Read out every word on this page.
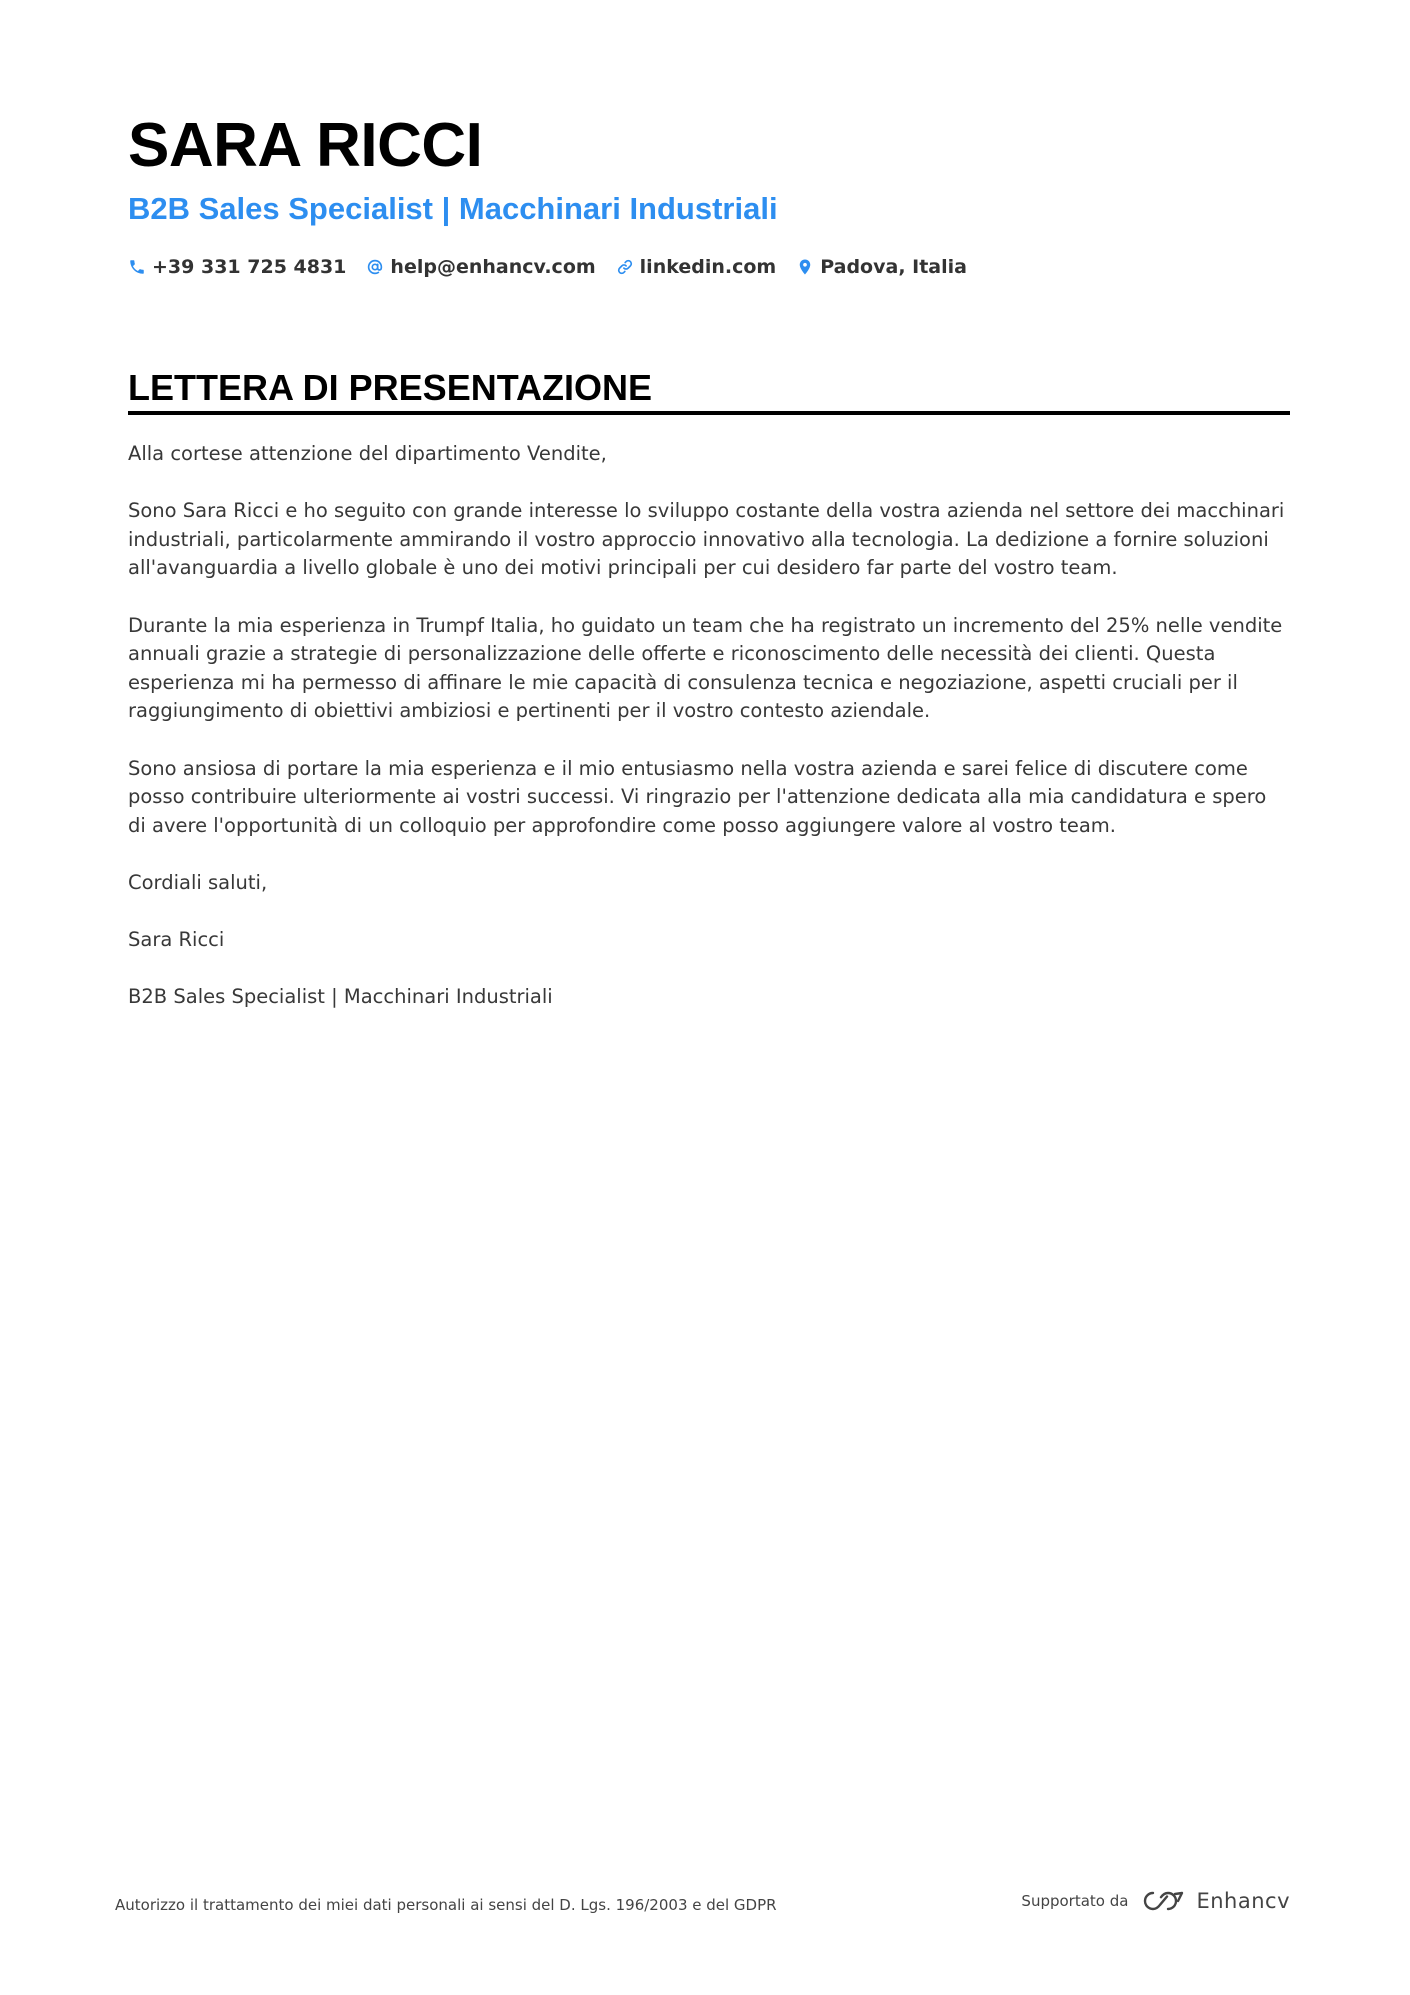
SARA RICCI
B2B Sales Specialist | Macchinari Industriali
+39 331 725 4831 help@enhancv.com linkedin.com Padova, Italia
LETTERA DI PRESENTAZIONE

Alla cortese attenzione del dipartimento Vendite,

Sono Sara Ricci e ho seguito con grande interesse lo sviluppo costante della vostra azienda nel settore dei macchinari industriali, particolarmente ammirando il vostro approccio innovativo alla tecnologia. La dedizione a fornire soluzioni all'avanguardia a livello globale è uno dei motivi principali per cui desidero far parte del vostro team.

Durante la mia esperienza in Trumpf Italia, ho guidato un team che ha registrato un incremento del 25% nelle vendite annuali grazie a strategie di personalizzazione delle offerte e riconoscimento delle necessità dei clienti. Questa esperienza mi ha permesso di affinare le mie capacità di consulenza tecnica e negoziazione, aspetti cruciali per il raggiungimento di obiettivi ambiziosi e pertinenti per il vostro contesto aziendale.

Sono ansiosa di portare la mia esperienza e il mio entusiasmo nella vostra azienda e sarei felice di discutere come posso contribuire ulteriormente ai vostri successi. Vi ringrazio per l'attenzione dedicata alla mia candidatura e spero di avere l'opportunità di un colloquio per approfondire come posso aggiungere valore al vostro team.

Cordiali saluti,

Sara Ricci

B2B Sales Specialist | Macchinari Industriali

Autorizzo il trattamento dei miei dati personali ai sensi del D. Lgs. 196/2003 e del GDPR	Supportato da	Enhancv
